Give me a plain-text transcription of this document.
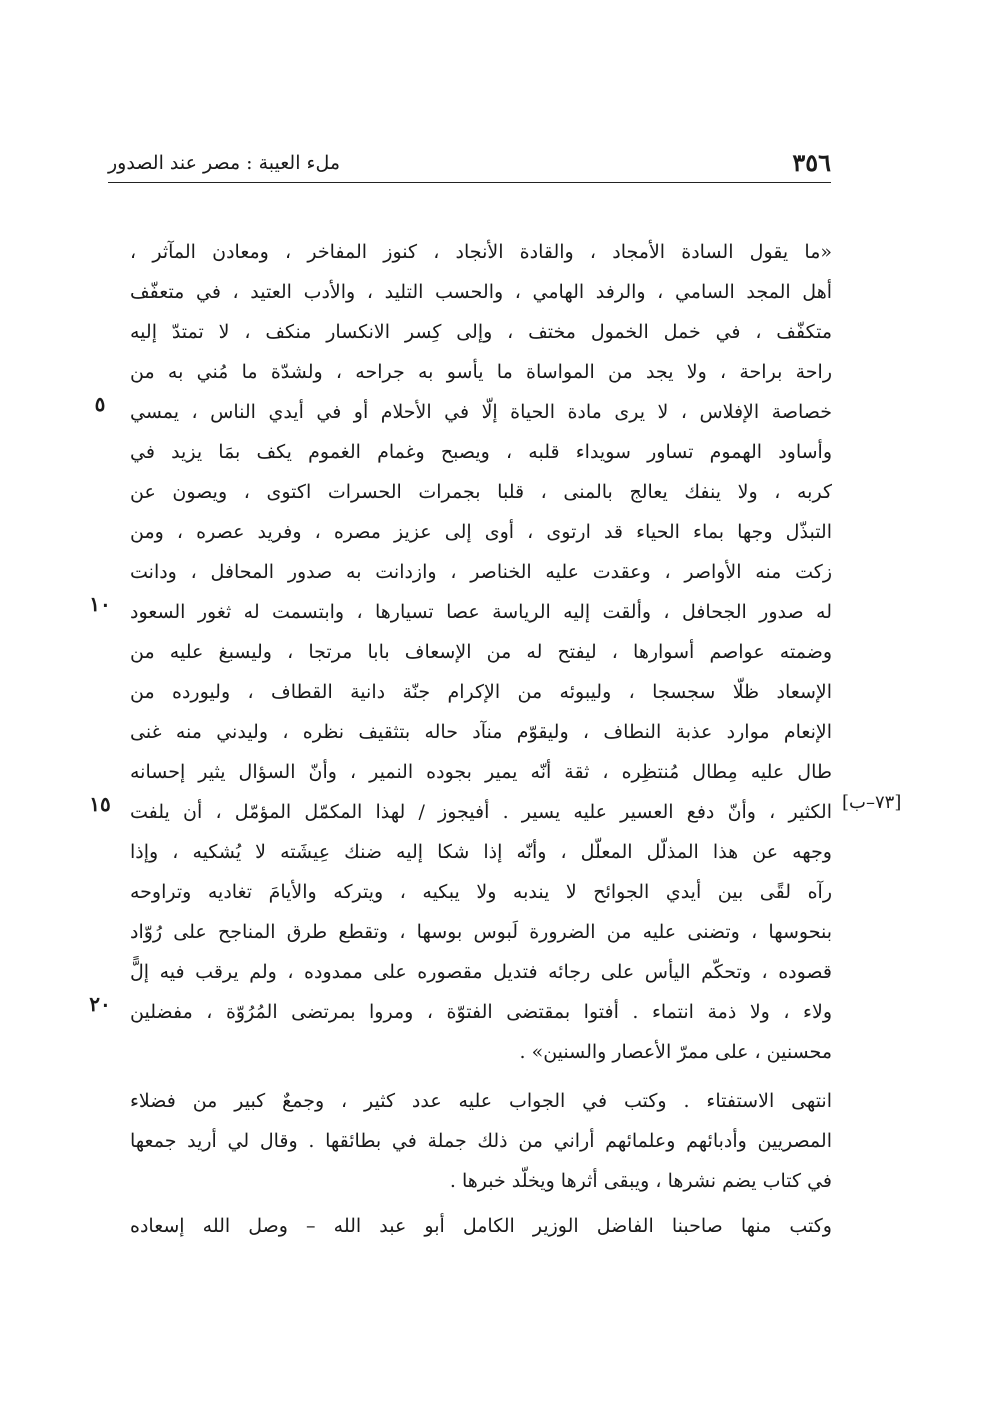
٣٥٦
ملء العيبة : مصر عند الصدور
«ما يقول السادة الأمجاد ، والقادة الأنجاد ، كنوز المفاخر ، ومعادن المآثر ،
أهل المجد السامي ، والرفد الهامي ، والحسب التليد ، والأدب العتيد ، في متعفّف
متكفّف ، في خمل الخمول مختف ، وإلى كِسر الانكسار منكف ، لا تمتدّ إليه
راحة براحة ، ولا يجد من المواساة ما يأسو به جراحه ، ولشدّة ما مُني به من
خصاصة الإفلاس ، لا يرى مادة الحياة إلّا في الأحلام أو في أيدي الناس ، يمسي
وأساود الهموم تساور سويداء قلبه ، ويصبح وغمام الغموم يكف بمَا يزيد في
كربه ، ولا ينفك يعالج بالمنى ، قلبا بجمرات الحسرات اكتوى ، ويصون عن
التبذّل وجها بماء الحياء قد ارتوى ، أوى إلى عزيز مصره ، وفريد عصره ، ومن
زكت منه الأواصر ، وعقدت عليه الخناصر ، وازدانت به صدور المحافل ، ودانت
له صدور الجحافل ، وألقت إليه الرياسة عصا تسيارها ، وابتسمت له ثغور السعود
وضمته عواصم أسوارها ، ليفتح له من الإسعاف بابا مرتجا ، وليسبغ عليه من
الإسعاد ظلّا سجسجا ، وليبوئه من الإكرام جنّة دانية القطاف ، وليورده من
الإنعام موارد عذبة النطاف ، وليقوّم منآد حاله بتثقيف نظره ، وليدني منه غنى
طال عليه مِطال مُنتظِره ، ثقة أنّه يمير بجوده النمير ، وأنّ السؤال يثير إحسانه
الكثير ، وأنّ دفع العسير عليه يسير . أفيجوز / لهذا المكمّل المؤمّل ، أن يلفت
وجهه عن هذا المذلّل المعلّل ، وأنّه إذا شكا إليه ضنك عِيشَته لا يُشكيه ، وإذا
رآه لقًى بين أيدي الجوائح لا يندبه ولا يبكيه ، ويتركه والأيامَ تغاديه وتراوحه
بنحوسها ، وتضنى عليه من الضرورة لَبوس بوسها ، وتقطع طرق المناجح على رُوّاد
قصوده ، وتحكّم اليأس على رجائه فتديل مقصوره على ممدوده ، ولم يرقب فيه إلًّ
ولاء ، ولا ذمة انتماء . أفتوا بمقتضى الفتوّة ، ومروا بمرتضى المُرُوّة ، مفضلين
محسنين ، على ممرّ الأعصار والسنين» .
٥
١٠
١٥
٢٠
[٧٣–ب]
انتهى الاستفتاء . وكتب في الجواب عليه عدد كثير ، وجمعٌ كبير من فضلاء
المصريين وأدبائهم وعلمائهم أراني من ذلك جملة في بطائقها . وقال لي أريد جمعها
في كتاب يضم نشرها ، ويبقى أثرها ويخلّد خبرها .
وكتب منها صاحبنا الفاضل الوزير الكامل أبو عبد الله – وصل الله إسعاده
